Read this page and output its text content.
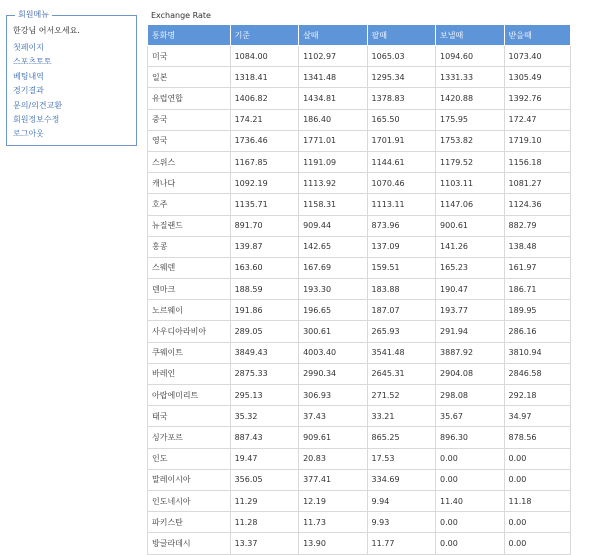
회원메뉴
한강님 어서오세요.
첫페이지
스포츠토토
베팅내역
경기결과
문의/의견교환
회원정보수정
로그아웃
Exchange Rate
통화명	기준	살때	팔때	보낼때	받을때
미국	1084.00	1102.97	1065.03	1094.60	1073.40
일본	1318.41	1341.48	1295.34	1331.33	1305.49
유럽연합	1406.82	1434.81	1378.83	1420.88	1392.76
중국	174.21	186.40	165.50	175.95	172.47
영국	1736.46	1771.01	1701.91	1753.82	1719.10
스위스	1167.85	1191.09	1144.61	1179.52	1156.18
캐나다	1092.19	1113.92	1070.46	1103.11	1081.27
호주	1135.71	1158.31	1113.11	1147.06	1124.36
뉴질랜드	891.70	909.44	873.96	900.61	882.79
홍콩	139.87	142.65	137.09	141.26	138.48
스웨덴	163.60	167.69	159.51	165.23	161.97
덴마크	188.59	193.30	183.88	190.47	186.71
노르웨이	191.86	196.65	187.07	193.77	189.95
사우디아라비아	289.05	300.61	265.93	291.94	286.16
쿠웨이트	3849.43	4003.40	3541.48	3887.92	3810.94
바레인	2875.33	2990.34	2645.31	2904.08	2846.58
아랍에미리트	295.13	306.93	271.52	298.08	292.18
태국	35.32	37.43	33.21	35.67	34.97
싱가포르	887.43	909.61	865.25	896.30	878.56
인도	19.47	20.83	17.53	0.00	0.00
말레이시아	356.05	377.41	334.69	0.00	0.00
인도네시아	11.29	12.19	9.94	11.40	11.18
파키스탄	11.28	11.73	9.93	0.00	0.00
방글라데시	13.37	13.90	11.77	0.00	0.00
